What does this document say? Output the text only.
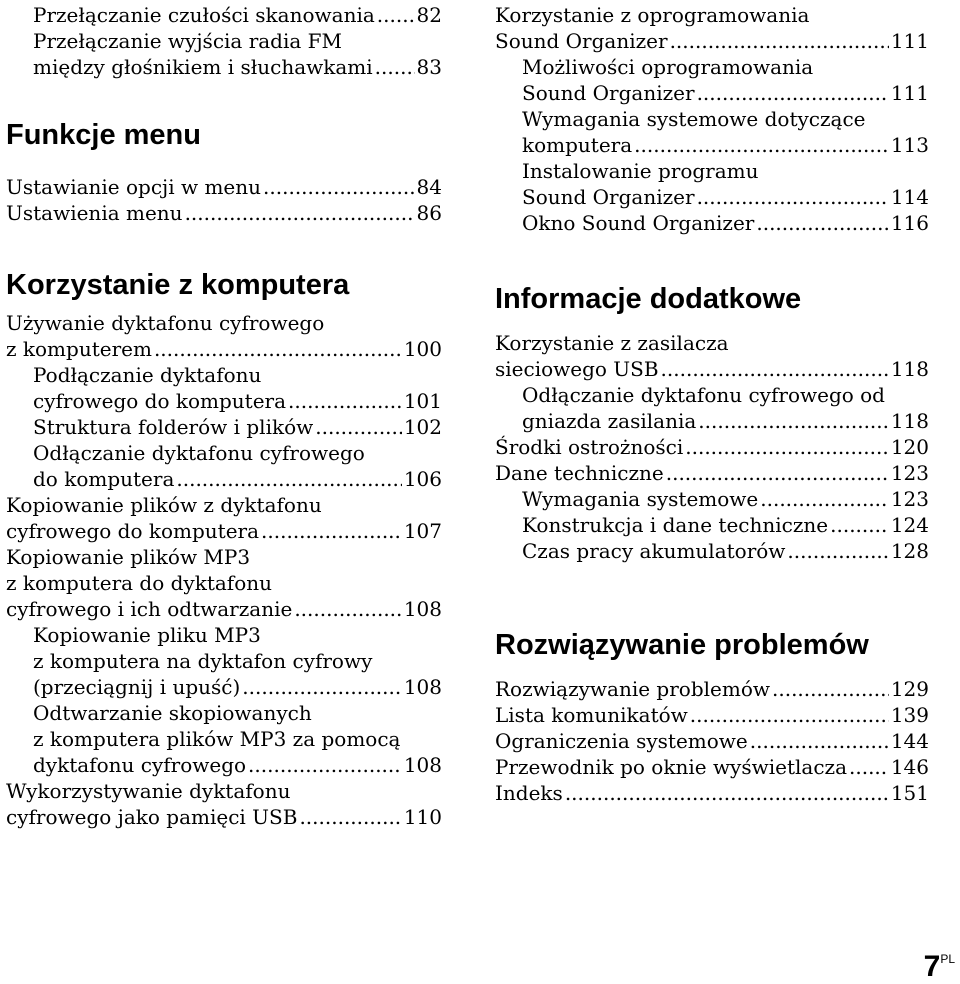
Przełączanie czułości skanowania ..... 82
Przełączanie wyjścia radia FM
między głośnikiem i słuchawkami ..... 83
Funkcje menu
Ustawianie opcji w menu .....	84
Ustawienia menu .....	86
Korzystanie z komputera
Używanie dyktafonu cyfrowego
z komputerem .....	100
Podłączanie dyktafonu
cyfrowego do komputera .....	101
Struktura folderów i plików .....	102
Odłączanie dyktafonu cyfrowego
do komputera .....	106
Kopiowanie plików z dyktafonu
cyfrowego do komputera .....	107
Kopiowanie plików MP3
z komputera do dyktafonu
cyfrowego i ich odtwarzanie .....	108
Kopiowanie pliku MP3
z komputera na dyktafon cyfrowy
(przeciągnij i upuść) .....	108
Odtwarzanie skopiowanych
z komputera plików MP3 za pomocą
dyktafonu cyfrowego .....	108
Wykorzystywanie dyktafonu
cyfrowego jako pamięci USB .....	110
Korzystanie z oprogramowania
Sound Organizer .....	111
Możliwości oprogramowania
Sound Organizer .....	111
Wymagania systemowe dotyczące
komputera .....	113
Instalowanie programu
Sound Organizer .....	114
Okno Sound Organizer .....	116
Informacje dodatkowe
Korzystanie z zasilacza
sieciowego USB .....	118
Odłączanie dyktafonu cyfrowego od
gniazda zasilania .....	118
Środki ostrożności .....	120
Dane techniczne .....	123
Wymagania systemowe .....	123
Konstrukcja i dane techniczne .....	124
Czas pracy akumulatorów .....	128
Rozwiązywanie problemów
Rozwiązywanie problemów .....	129
Lista komunikatów .....	139
Ograniczenia systemowe .....	144
Przewodnik po oknie wyświetlacza ..... 146
Indeks .....	151
$7^{PL}$
